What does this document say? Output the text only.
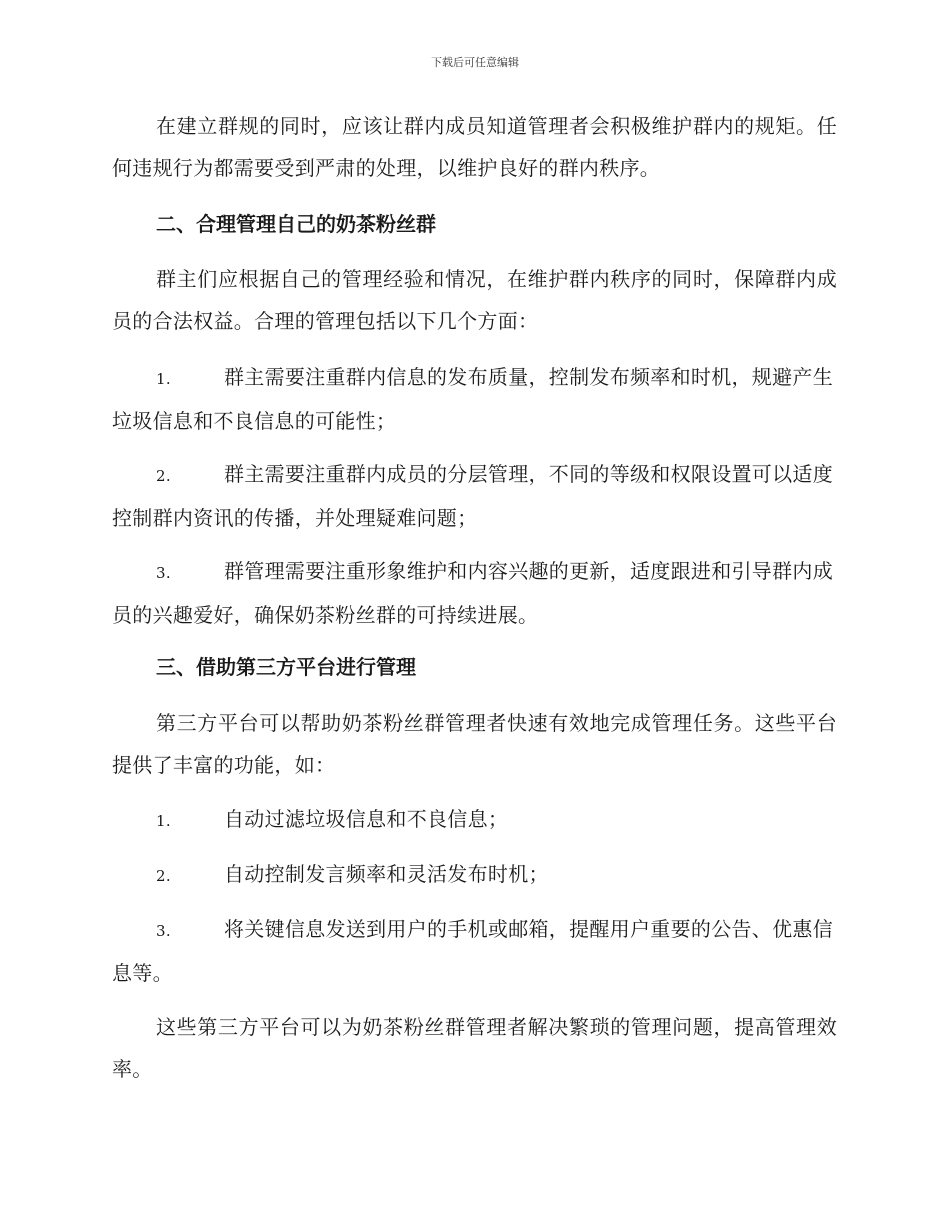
下载后可任意编辑

在建立群规的同时，应该让群内成员知道管理者会积极维护群内的规矩。任何违规行为都需要受到严肃的处理，以维护良好的群内秩序。

二、合理管理自己的奶茶粉丝群

群主们应根据自己的管理经验和情况，在维护群内秩序的同时，保障群内成员的合法权益。合理的管理包括以下几个方面：

1.	群主需要注重群内信息的发布质量，控制发布频率和时机，规避产生垃圾信息和不良信息的可能性；

2.	群主需要注重群内成员的分层管理，不同的等级和权限设置可以适度控制群内资讯的传播，并处理疑难问题；

3.	群管理需要注重形象维护和内容兴趣的更新，适度跟进和引导群内成员的兴趣爱好，确保奶茶粉丝群的可持续进展。

三、借助第三方平台进行管理

第三方平台可以帮助奶茶粉丝群管理者快速有效地完成管理任务。这些平台提供了丰富的功能，如：

1.	自动过滤垃圾信息和不良信息；

2.	自动控制发言频率和灵活发布时机；

3.	将关键信息发送到用户的手机或邮箱，提醒用户重要的公告、优惠信息等。

这些第三方平台可以为奶茶粉丝群管理者解决繁琐的管理问题，提高管理效率。
